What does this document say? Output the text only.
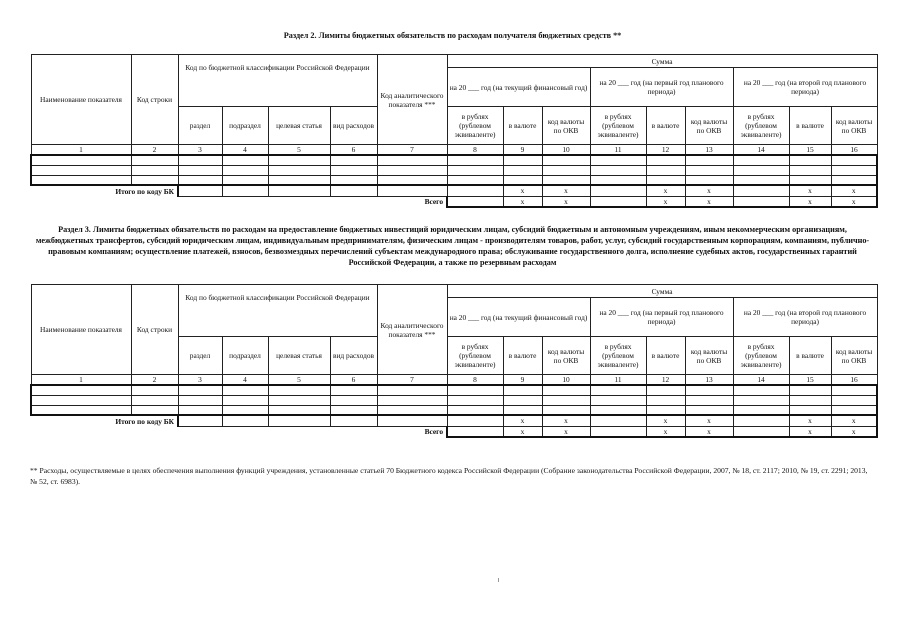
Раздел 2. Лимиты бюджетных обязательств по расходам получателя бюджетных средств **
Наименование показателя	Код строки	Код по бюджетной классификации Российской Федерации				Код аналитического показателя ***	Сумма								
							на 20 ___ год (на текущий финансовый год)			на 20 ___ год (на первый год планового периода)			на 20 ___ год (на второй год планового периода)		
		раздел	подраздел	целевая статья	вид расходов		в рублях (рублевом эквиваленте)	в валюте	код валюты по ОКВ	в рублях (рублевом эквиваленте)	в валюте	код валюты по ОКВ	в рублях (рублевом эквиваленте)	в валюте	код валюты по ОКВ
1	2	3	4	5	6	7	8	9	10	11	12	13	14	15	16

Итого по коду БК								x	x		x	x		x	x
Всего								x	x		x	x		x	x
Раздел 3. Лимиты бюджетных обязательств по расходам на предоставление бюджетных инвестиций юридическим лицам, субсидий бюджетным и автономным учреждениям, иным некоммерческим организациям, межбюджетных трансфертов, субсидий юридическим лицам, индивидуальным предпринимателям, физическим лицам - производителям товаров, работ, услуг, субсидий государственным корпорациям, компаниям, публично-правовым компаниям; осуществление платежей, взносов, безвозмездных перечислений субъектам международного права; обслуживание государственного долга, исполнение судебных актов, государственных гарантий Российской Федерации, а также по резервным расходам
Наименование показателя	Код строки	Код по бюджетной классификации Российской Федерации				Код аналитического показателя ***	Сумма								
							на 20 ___ год (на текущий финансовый год)			на 20 ___ год (на первый год планового периода)			на 20 ___ год (на второй год планового периода)		
		раздел	подраздел	целевая статья	вид расходов		в рублях (рублевом эквиваленте)	в валюте	код валюты по ОКВ	в рублях (рублевом эквиваленте)	в валюте	код валюты по ОКВ	в рублях (рублевом эквиваленте)	в валюте	код валюты по ОКВ
1	2	3	4	5	6	7	8	9	10	11	12	13	14	15	16

Итого по коду БК								x	x		x	x		x	x
Всего								x	x		x	x		x	x
** Расходы, осуществляемые в целях обеспечения выполнения функций учреждения, установленные статьей 70 Бюджетного кодекса Российской Федерации (Собрание законодательства Российской Федерации, 2007, № 18, ст. 2117; 2010, № 19, ст. 2291; 2013, № 52, ст. 6983).
